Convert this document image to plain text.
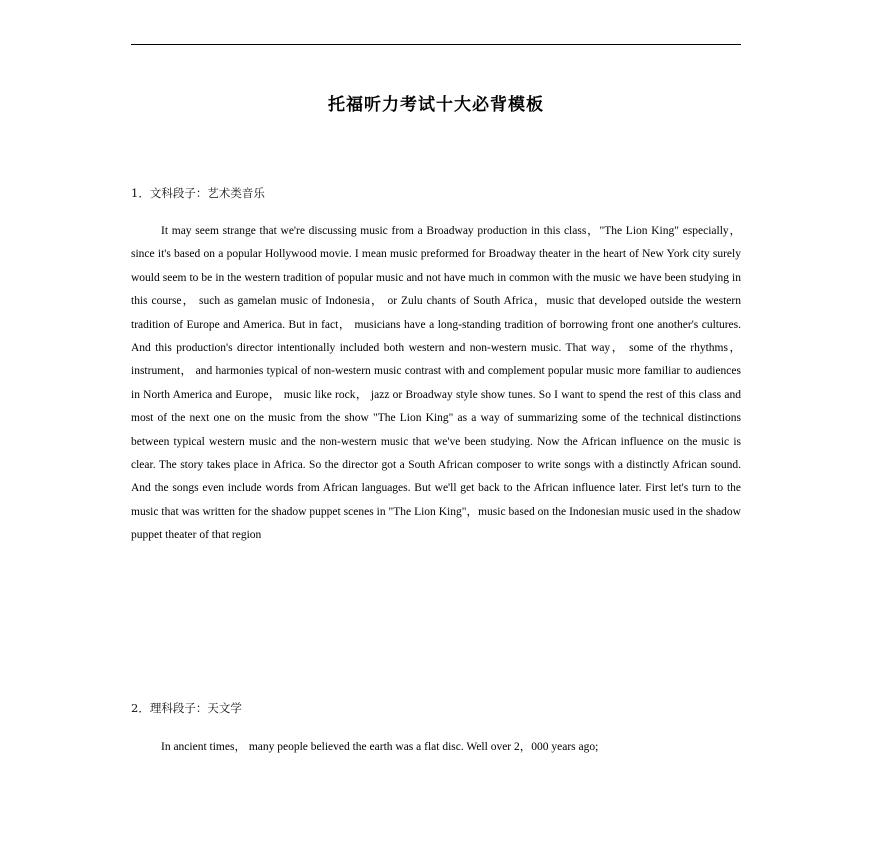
托福听力考试十大必背模板
1．文科段子：艺术类音乐

It may seem strange that we're discussing music from a Broadway production in this class，"The Lion King" especially， since it's based on a popular Hollywood movie. I mean music preformed for Broadway theater in the heart of New York city surely would seem to be in the western tradition of popular music and not have much in common with the music we have been studying in this course， such as gamelan music of Indonesia， or Zulu chants of South Africa，music that developed outside the western tradition of Europe and America. But in fact， musicians have a long-standing tradition of borrowing front one another's cultures. And this production's director intentionally included both western and non-western music. That way， some of the rhythms， instrument， and harmonies typical of non-western music contrast with and complement popular music more familiar to audiences in North America and Europe， music like rock， jazz or Broadway style show tunes. So I want to spend the rest of this class and most of the next one on the music from the show "The Lion King" as a way of summarizing some of the technical distinctions between typical western music and the non-western music that we've been studying. Now the African influence on the music is clear. The story takes place in Africa. So the director got a South African composer to write songs with a distinctly African sound. And the songs even include words from African languages. But we'll get back to the African influence later. First let's turn to the music that was written for the shadow puppet scenes in "The Lion King"，music based on the Indonesian music used in the shadow puppet theater of that region

2．理科段子：天文学

In ancient times， many people believed the earth was a flat disc. Well over 2，000 years ago;
